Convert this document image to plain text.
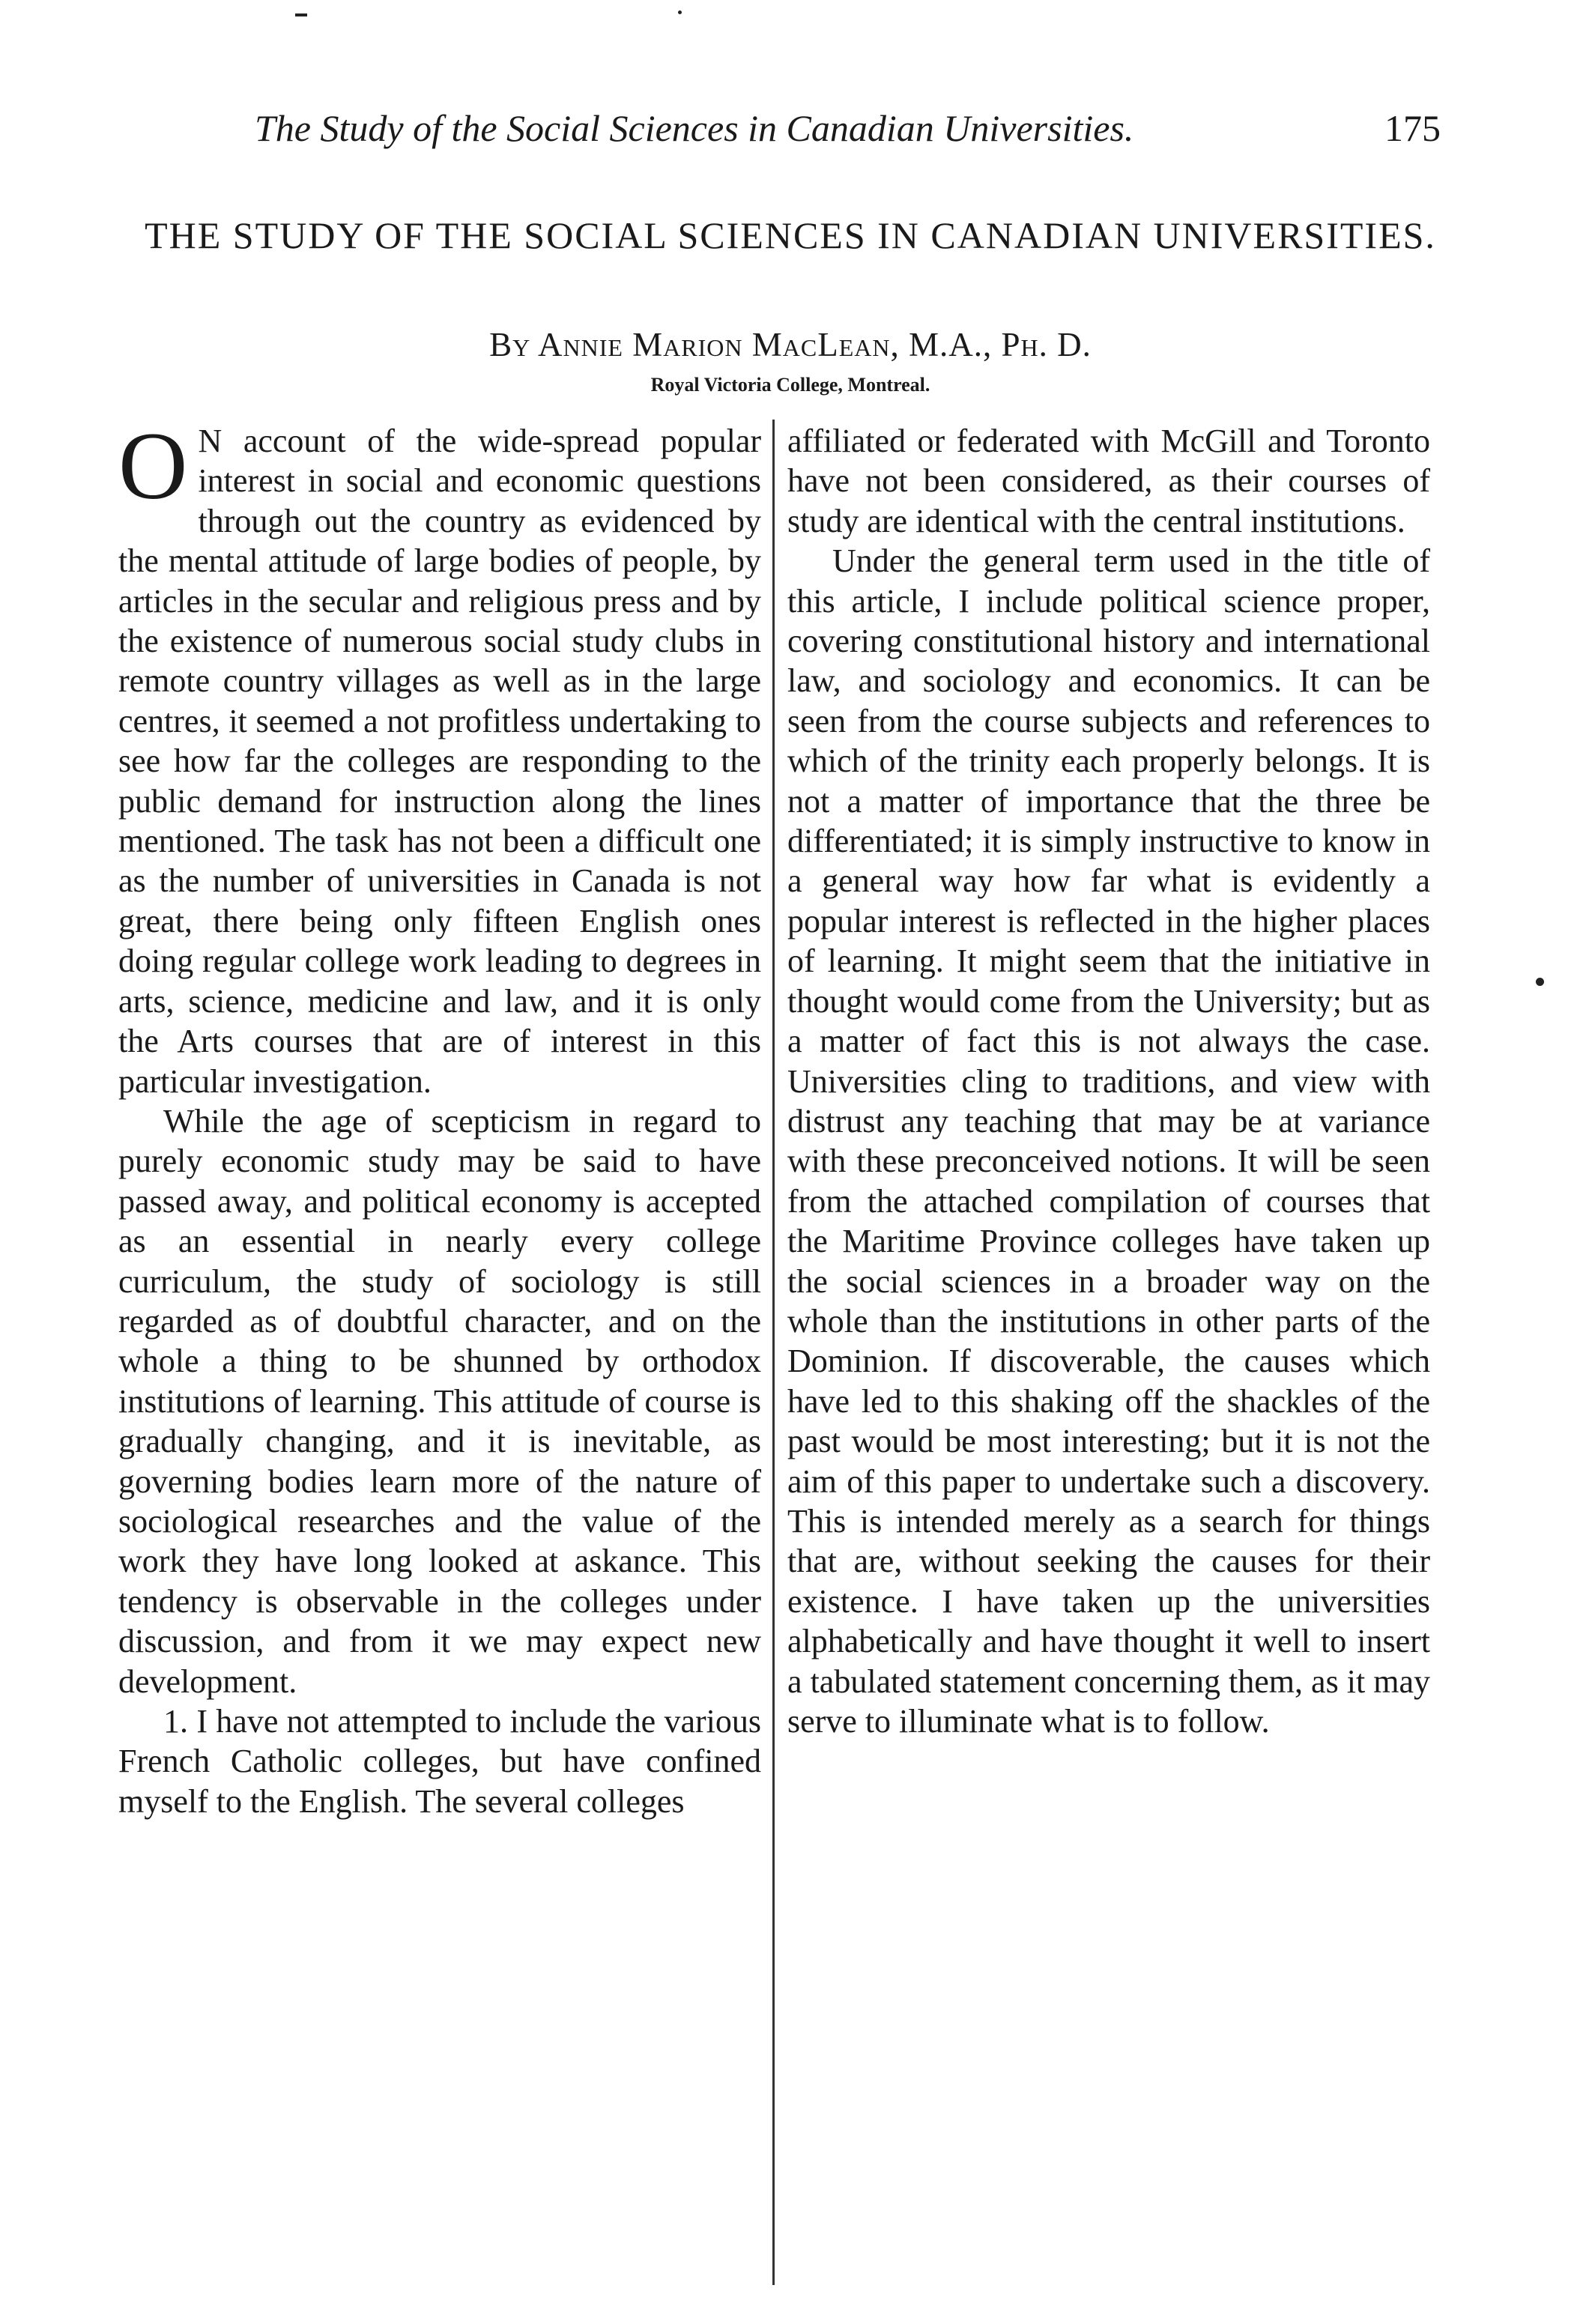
The Study of the Social Sciences in Canadian Universities.	175
THE STUDY OF THE SOCIAL SCIENCES IN CANADIAN UNIVERSITIES.
By Annie Marion MacLean, M.A., Ph. D.
Royal Victoria College, Montreal.

O N account of the wide-spread popular interest in social and economic questions through out the country as evidenced by the mental attitude of large bodies of people, by articles in the secular and religious press and by the existence of numerous social study clubs in remote country villages as well as in the large centres, it seemed a not profitless undertaking to see how far the colleges are responding to the public demand for instruction along the lines mentioned. The task has not been a difficult one as the number of universities in Canada is not great, there being only fifteen English ones doing regular college work leading to degrees in arts, science, medicine and law, and it is only the Arts courses that are of interest in this particular investigation.

While the age of scepticism in regard to purely economic study may be said to have passed away, and political economy is accepted as an essential in nearly every college curriculum, the study of sociology is still regarded as of doubtful character, and on the whole a thing to be shunned by orthodox institutions of learning. This attitude of course is gradually changing, and it is inevitable, as governing bodies learn more of the nature of sociological researches and the value of the work they have long looked at askance. This tendency is observable in the colleges under discussion, and from it we may expect new development.

1. I have not attempted to include the various French Catholic colleges, but have confined myself to the English. The several colleges

affiliated or federated with McGill and Toronto have not been considered, as their courses of study are identical with the central institutions.

Under the general term used in the title of this article, I include political science proper, covering constitutional history and international law, and sociology and economics. It can be seen from the course subjects and references to which of the trinity each properly belongs. It is not a matter of importance that the three be differentiated; it is simply instructive to know in a general way how far what is evidently a popular interest is reflected in the higher places of learning. It might seem that the initiative in thought would come from the University; but as a matter of fact this is not always the case. Universities cling to traditions, and view with distrust any teaching that may be at variance with these preconceived notions. It will be seen from the attached compilation of courses that the Maritime Province colleges have taken up the social sciences in a broader way on the whole than the institutions in other parts of the Dominion. If discoverable, the causes which have led to this shaking off the shackles of the past would be most interesting; but it is not the aim of this paper to undertake such a discovery. This is intended merely as a search for things that are, without seeking the causes for their existence. I have taken up the universities alphabetically and have thought it well to insert a tabulated statement concerning them, as it may serve to illuminate what is to follow.
